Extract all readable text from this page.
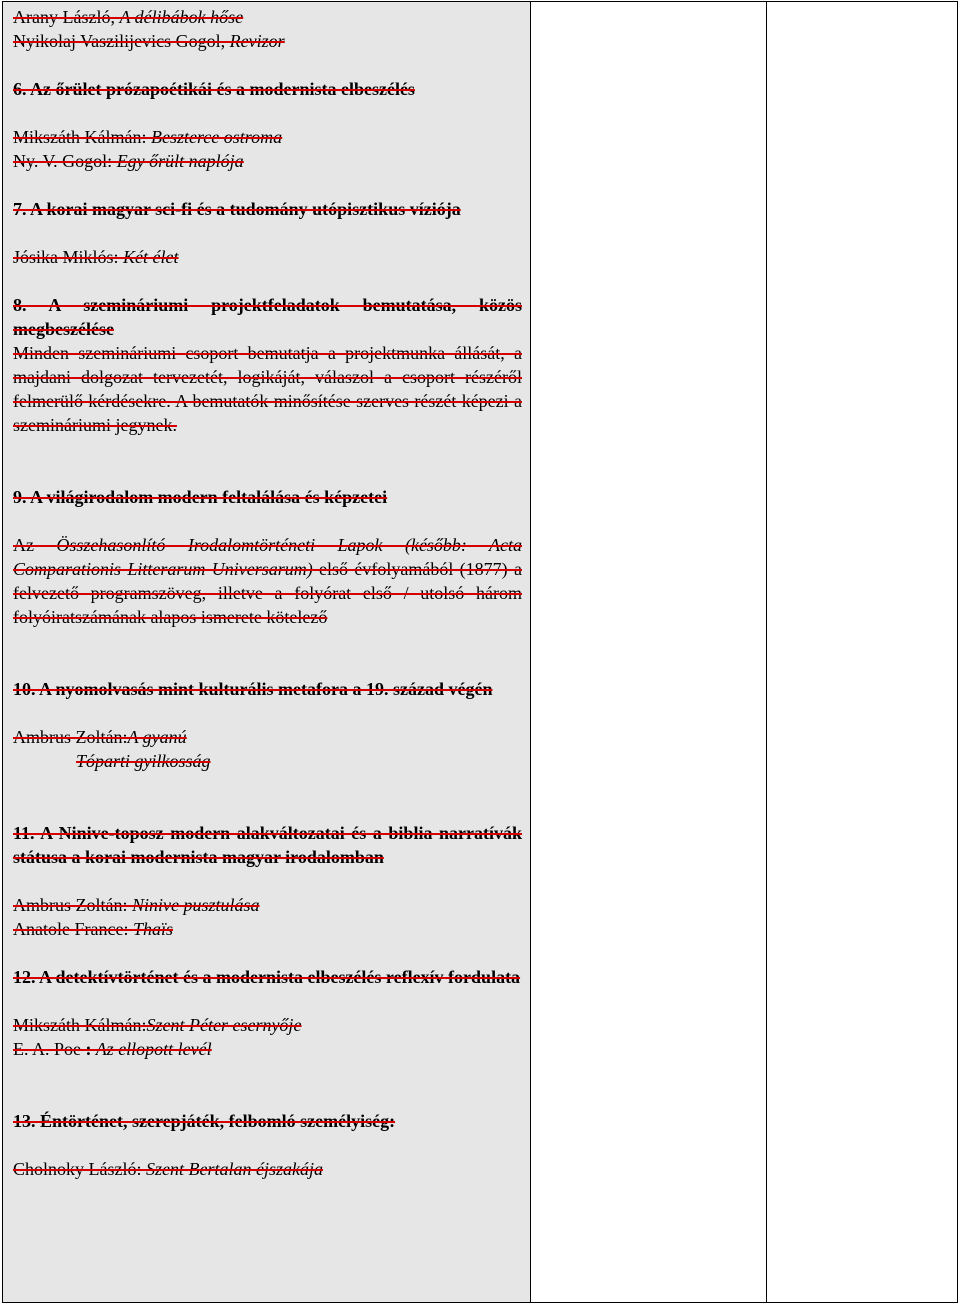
Arany László, A délibábok hőse

Nyikolaj Vaszilijevics Gogol, Revizor

6. Az őrület prózapoétikái és a modernista elbeszélés

Mikszáth Kálmán: Beszterce ostroma

Ny. V. Gogol: Egy őrült naplója

7. A korai magyar sci-fi és a tudomány utópisztikus víziója

Jósika Miklós: Két élet

8. A szemináriumi projektfeladatok bemutatása, közös megbeszélése

Minden szemináriumi csoport bemutatja a projektmunka állását, a majdani dolgozat tervezetét, logikáját, válaszol a csoport részéről felmerülő kérdésekre. A bemutatók minősítése szerves részét képezi a szemináriumi jegynek.

9. A világirodalom modern feltalálása és képzetei

Az Összehasonlító Irodalomtörténeti Lapok (később: Acta Comparationis Litterarum Universarum) első évfolyamából (1877) a felvezető programszöveg, illetve a folyórat első / utolsó három folyóiratszámának alapos ismerete kötelező

10. A nyomolvasás mint kulturális metafora a 19. század végén

Ambrus Zoltán:A gyanú

Tóparti gyilkosság

11. A Ninive-toposz modern alakváltozatai és a biblia narratívák státusa a korai modernista magyar irodalomban

Ambrus Zoltán: Ninive pusztulása

Anatole France: Thaïs

12. A detektívtörténet és a modernista elbeszélés reflexív fordulata

Mikszáth Kálmán:Szent Péter esernyője

E. A. Poe : Az ellopott levél

13. Éntörténet, szerepjáték, felbomló személyiség:

Cholnoky László: Szent Bertalan éjszakája
